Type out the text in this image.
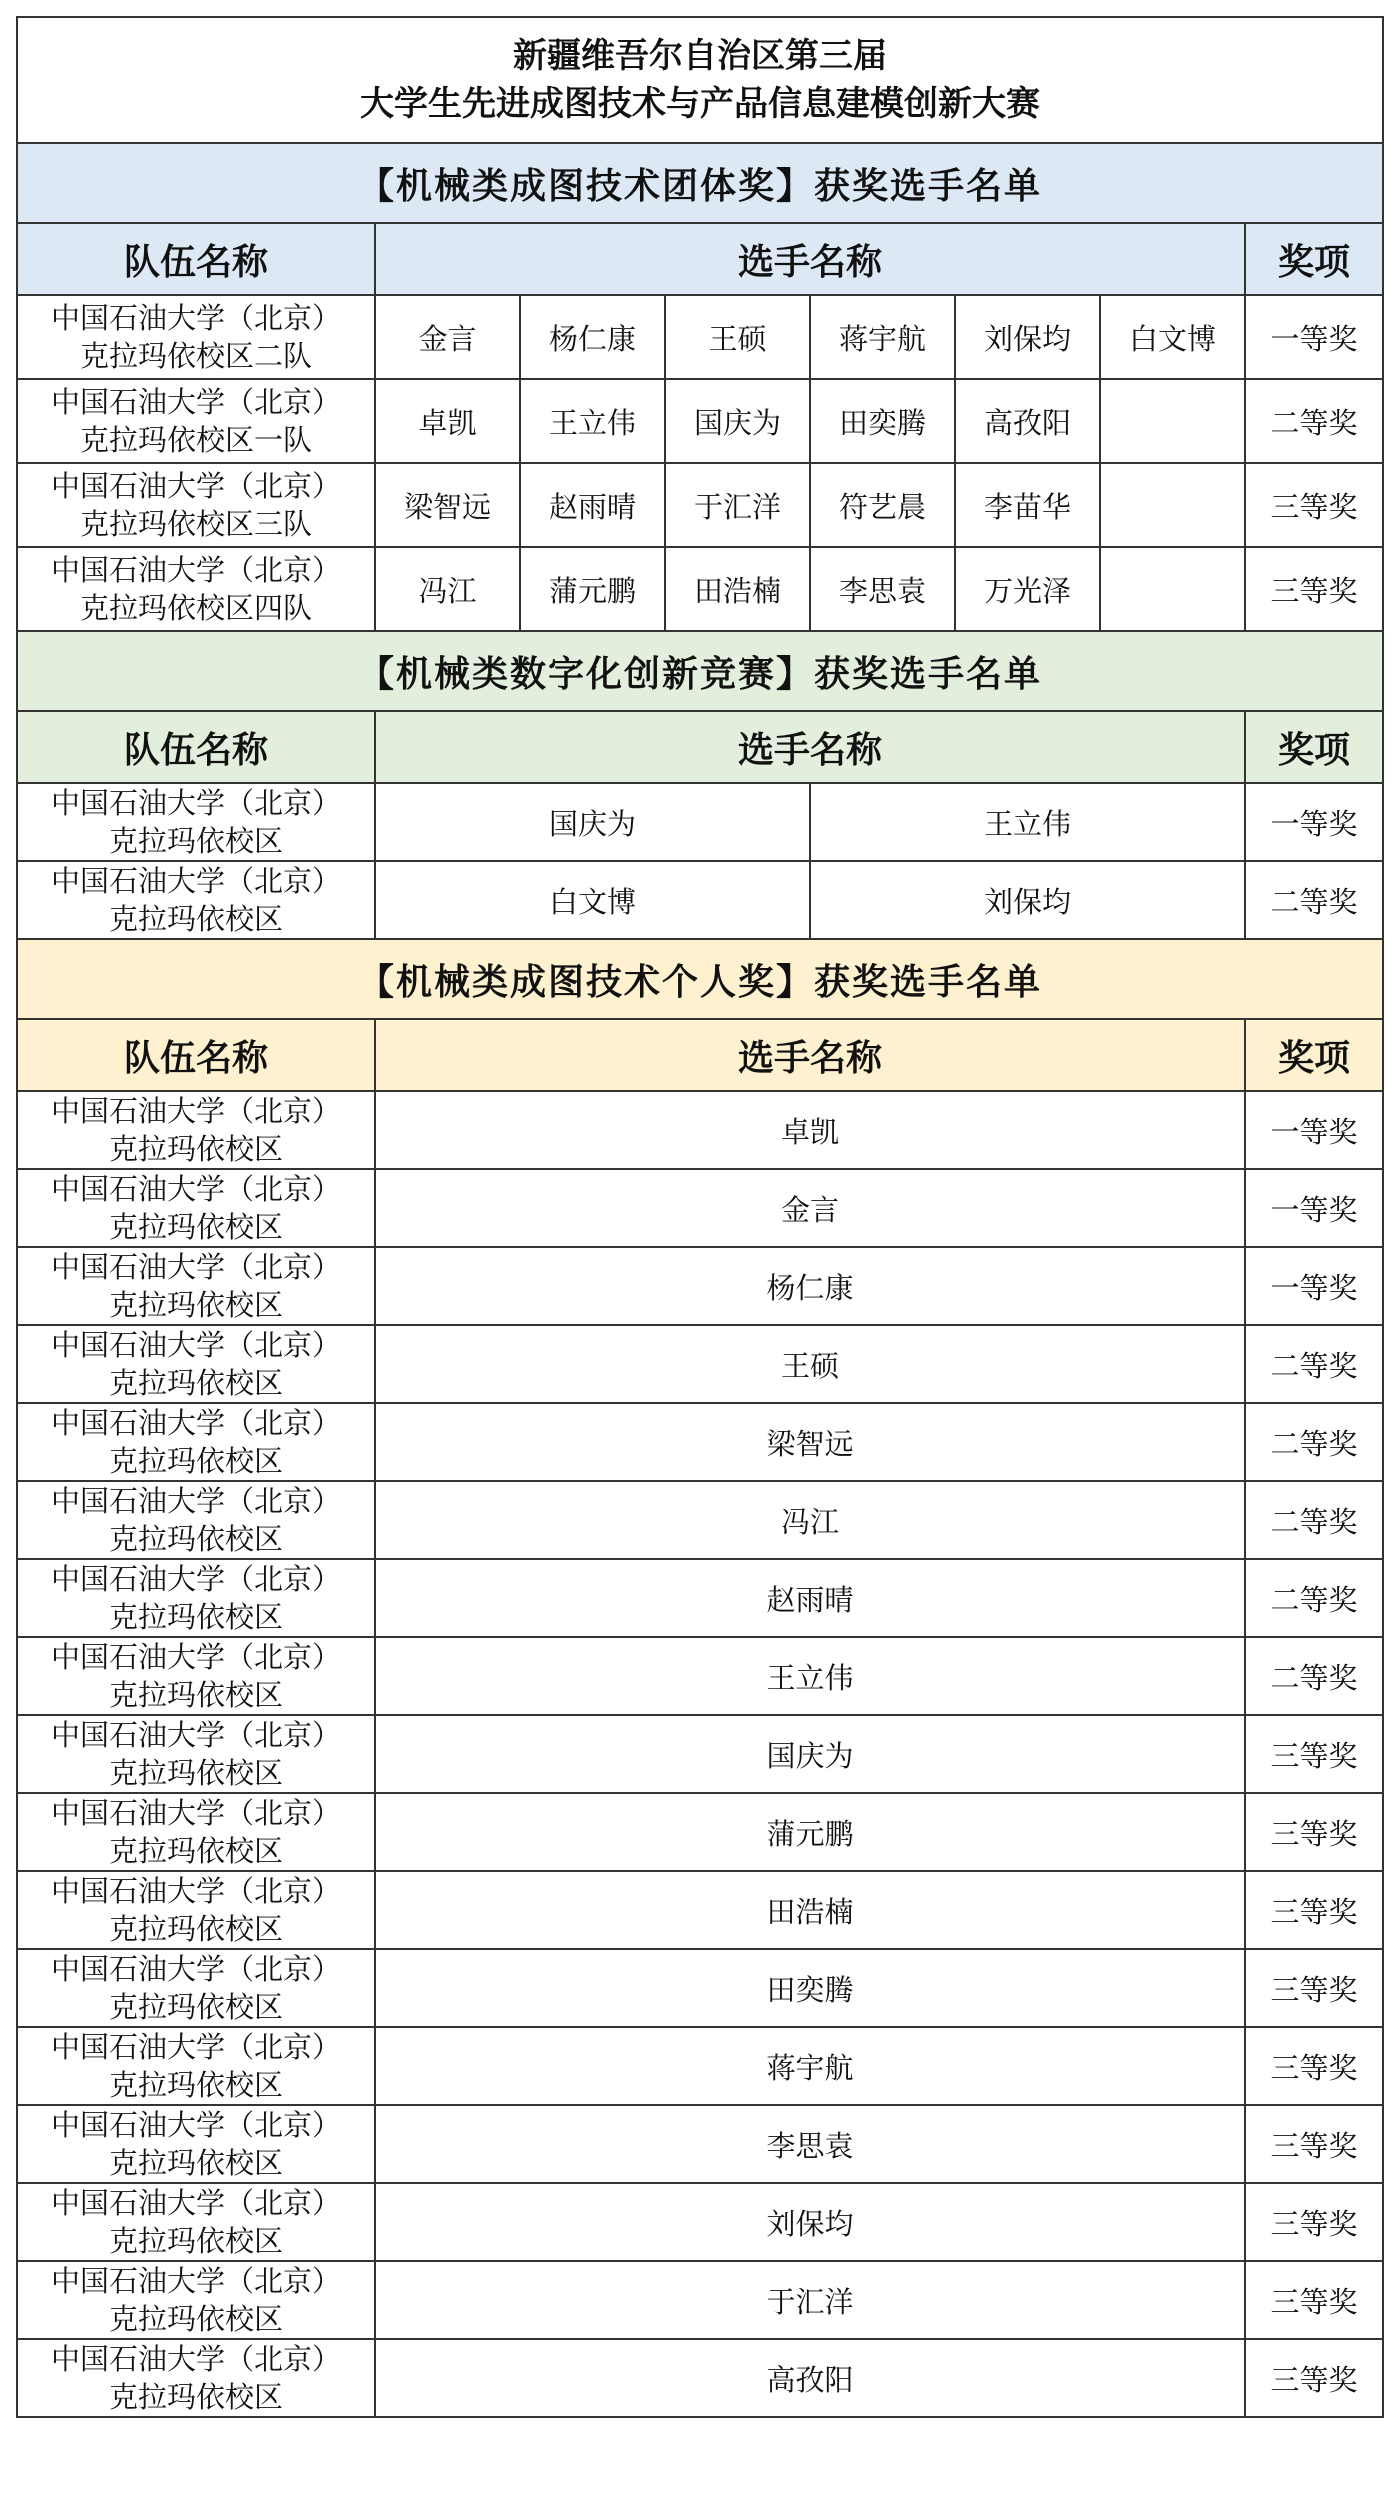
新疆维吾尔自治区第三届
大学生先进成图技术与产品信息建模创新大赛							

【机械类成图技术团体奖】获奖选手名单							
队伍名称	选手名称						奖项

中国石油大学（北京）
克拉玛依校区二队	金言	杨仁康	王硕	蒋宇航	刘保均	白文博	一等奖

中国石油大学（北京）
克拉玛依校区一队	卓凯	王立伟	国庆为	田奕腾	高孜阳		二等奖

中国石油大学（北京）
克拉玛依校区三队	梁智远	赵雨晴	于汇洋	符艺晨	李苗华		三等奖

中国石油大学（北京）
克拉玛依校区四队	冯江	蒲元鹏	田浩楠	李思袁	万光泽		三等奖
【机械类数字化创新竞赛】获奖选手名单							
队伍名称	选手名称						奖项

中国石油大学（北京）
克拉玛依校区	国庆为			王立伟			一等奖

中国石油大学（北京）
克拉玛依校区	白文博			刘保均			二等奖
【机械类成图技术个人奖】获奖选手名单							
队伍名称	选手名称						奖项

中国石油大学（北京）
克拉玛依校区	卓凯						一等奖

中国石油大学（北京）
克拉玛依校区	金言						一等奖

中国石油大学（北京）
克拉玛依校区	杨仁康						一等奖

中国石油大学（北京）
克拉玛依校区	王硕						二等奖

中国石油大学（北京）
克拉玛依校区	梁智远						二等奖

中国石油大学（北京）
克拉玛依校区	冯江						二等奖

中国石油大学（北京）
克拉玛依校区	赵雨晴						二等奖

中国石油大学（北京）
克拉玛依校区	王立伟						二等奖

中国石油大学（北京）
克拉玛依校区	国庆为						三等奖

中国石油大学（北京）
克拉玛依校区	蒲元鹏						三等奖

中国石油大学（北京）
克拉玛依校区	田浩楠						三等奖

中国石油大学（北京）
克拉玛依校区	田奕腾						三等奖

中国石油大学（北京）
克拉玛依校区	蒋宇航						三等奖

中国石油大学（北京）
克拉玛依校区	李思袁						三等奖

中国石油大学（北京）
克拉玛依校区	刘保均						三等奖

中国石油大学（北京）
克拉玛依校区	于汇洋						三等奖

中国石油大学（北京）
克拉玛依校区	高孜阳						三等奖
